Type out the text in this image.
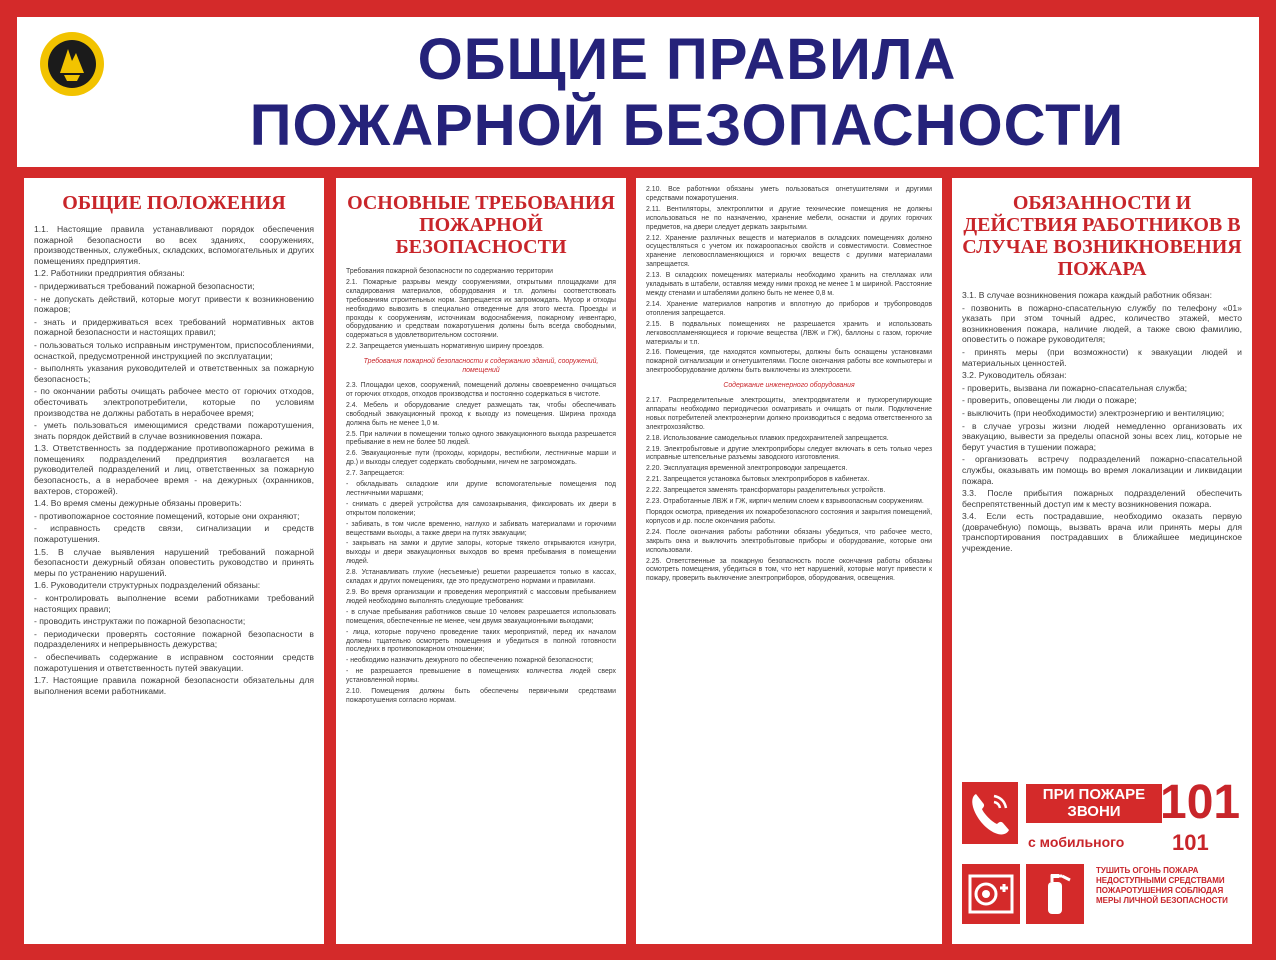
ОБЩИЕ ПРАВИЛА
ПОЖАРНОЙ БЕЗОПАСНОСТИ
ОБЩИЕ ПОЛОЖЕНИЯ

1.1. Настоящие правила устанавливают порядок обеспечения пожарной безопасности во всех зданиях, сооружениях, производственных, служебных, складских, вспомогательных и других помещениях предприятия.

1.2. Работники предприятия обязаны:

- придерживаться требований пожарной безопасности;

- не допускать действий, которые могут привести к возникновению пожаров;

- знать и придерживаться всех требований нормативных актов пожарной безопасности и настоящих правил;

- пользоваться только исправным инструментом, приспособлениями, оснасткой, предусмотренной инструкцией по эксплуатации;

- выполнять указания руководителей и ответственных за пожарную безопасность;

- по окончании работы очищать рабочее место от горючих отходов, обесточивать электропотребители, которые по условиям производства не должны работать в нерабочее время;

- уметь пользоваться имеющимися средствами пожаротушения, знать порядок действий в случае возникновения пожара.

1.3. Ответственность за поддержание противопожарного режима в помещениях подразделений предприятия возлагается на руководителей подразделений и лиц, ответственных за пожарную безопасность, а в нерабочее время - на дежурных (охранников, вахтеров, сторожей).

1.4. Во время смены дежурные обязаны проверить:

- противопожарное состояние помещений, которые они охраняют;

- исправность средств связи, сигнализации и средств пожаротушения.

1.5. В случае выявления нарушений требований пожарной безопасности дежурный обязан оповестить руководство и принять меры по устранению нарушений.

1.6. Руководители структурных подразделений обязаны:

- контролировать выполнение всеми работниками требований настоящих правил;

- проводить инструктажи по пожарной безопасности;

- периодически проверять состояние пожарной безопасности в подразделениях и непрерывность дежурства;

- обеспечивать содержание в исправном состоянии средств пожаротушения и ответственность путей эвакуации.

1.7. Настоящие правила пожарной безопасности обязательны для выполнения всеми работниками.

ОСНОВНЫЕ ТРЕБОВАНИЯ ПОЖАРНОЙ БЕЗОПАСНОСТИ

Требования пожарной безопасности по содержанию территории

2.1. Пожарные разрывы между сооружениями, открытыми площадками для складирования материалов, оборудования и т.п. должны соответствовать требованиям строительных норм. Запрещается их загромождать. Мусор и отходы необходимо вывозить в специально отведенные для этого места. Проезды и проходы к сооружениям, источникам водоснабжения, пожарному инвентарю, оборудованию и средствам пожаротушения должны быть всегда свободными, содержаться в удовлетворительном состоянии.

2.2. Запрещается уменьшать нормативную ширину проездов.

Требования пожарной безопасности к содержанию зданий, сооружений, помещений

2.3. Площадки цехов, сооружений, помещений должны своевременно очищаться от горючих отходов, отходов производства и постоянно содержаться в чистоте.

2.4. Мебель и оборудование следует размещать так, чтобы обеспечивать свободный эвакуационный проход к выходу из помещения. Ширина прохода должна быть не менее 1,0 м.

2.5. При наличии в помещении только одного эвакуационного выхода разрешается пребывание в нем не более 50 людей.

2.6. Эвакуационные пути (проходы, коридоры, вестибюли, лестничные марши и др.) и выходы следует содержать свободными, ничем не загромождать.

2.7. Запрещается:

- обкладывать складские или другие вспомогательные помещения под лестничными маршами;

- снимать с дверей устройства для самозакрывания, фиксировать их двери в открытом положении;

- забивать, в том числе временно, наглухо и забивать материалами и горючими веществами выходы, а также двери на путях эвакуации;

- закрывать на замки и другие запоры, которые тяжело открываются изнутри, выходы и двери эвакуационных выходов во время пребывания в помещении людей.

2.8. Устанавливать глухие (несъемные) решетки разрешается только в кассах, складах и других помещениях, где это предусмотрено нормами и правилами.

2.9. Во время организации и проведения мероприятий с массовым пребыванием людей необходимо выполнять следующие требования:

- в случае пребывания работников свыше 10 человек разрешается использовать помещения, обеспеченные не менее, чем двумя эвакуационными выходами;

- лица, которые поручено проведение таких мероприятий, перед их началом должны тщательно осмотреть помещения и убедиться в полной готовности последних в противопожарном отношении;

- необходимо назначить дежурного по обеспечению пожарной безопасности;

- не разрешается превышение в помещениях количества людей сверх установленной нормы.

2.10. Помещения должны быть обеспечены первичными средствами пожаротушения согласно нормам.

2.10. Все работники обязаны уметь пользоваться огнетушителями и другими средствами пожаротушения.

2.11. Вентиляторы, электроплитки и другие технические помещения не должны использоваться не по назначению, хранение мебели, оснастки и других горючих предметов, на двери следует держать закрытыми.

2.12. Хранение различных веществ и материалов в складских помещениях должно осуществляться с учетом их пожароопасных свойств и совместимости. Совместное хранение легковоспламеняющихся и горючих веществ с другими материалами запрещается.

2.13. В складских помещениях материалы необходимо хранить на стеллажах или укладывать в штабели, оставляя между ними проход не менее 1 м шириной. Расстояние между стенами и штабелями должно быть не менее 0,8 м.

2.14. Хранение материалов напротив и вплотную до приборов и трубопроводов отопления запрещается.

2.15. В подвальных помещениях не разрешается хранить и использовать легковоспламеняющиеся и горючие вещества (ЛВЖ и ГЖ), баллоны с газом, горючие материалы и т.п.

2.16. Помещения, где находятся компьютеры, должны быть оснащены установками пожарной сигнализации и огнетушителями. После окончания работы все компьютеры и электрооборудование должны быть выключены из электросети.

Содержание инженерного оборудования

2.17. Распределительные электрощиты, электродвигатели и пускорегулирующие аппараты необходимо периодически осматривать и очищать от пыли. Подключение новых потребителей электроэнергии должно производиться с ведома ответственного за электрохозяйство.

2.18. Использование самодельных плавких предохранителей запрещается.

2.19. Электробытовые и другие электроприборы следует включать в сеть только через исправные штепсельные разъемы заводского изготовления.

2.20. Эксплуатация временной электропроводки запрещается.

2.21. Запрещается установка бытовых электроприборов в кабинетах.

2.22. Запрещается заменять трансформаторы разделительных устройств.

2.23. Отработанные ЛВЖ и ГЖ, кирпич мелким слоем к взрывоопасным сооружениям.

Порядок осмотра, приведения их пожаробезопасного состояния и закрытия помещений, корпусов и др. после окончания работы.

2.24. После окончания работы работники обязаны убедиться, что рабочее место, закрыть окна и выключить электробытовые приборы и оборудование, которые они использовали.

2.25. Ответственные за пожарную безопасность после окончания работы обязаны осмотреть помещения, убедиться в том, что нет нарушений, которые могут привести к пожару, проверить выключение электроприборов, оборудования, освещения.

ОБЯЗАННОСТИ И ДЕЙСТВИЯ РАБОТНИКОВ В СЛУЧАЕ ВОЗНИКНОВЕНИЯ ПОЖАРА

3.1. В случае возникновения пожара каждый работник обязан:

- позвонить в пожарно-спасательную службу по телефону «01» указать при этом точный адрес, количество этажей, место возникновения пожара, наличие людей, а также свою фамилию, оповестить о пожаре руководителя;

- принять меры (при возможности) к эвакуации людей и материальных ценностей.

3.2. Руководитель обязан:

- проверить, вызвана ли пожарно-спасательная служба;

- проверить, оповещены ли люди о пожаре;

- выключить (при необходимости) электроэнергию и вентиляцию;

- в случае угрозы жизни людей немедленно организовать их эвакуацию, вывести за пределы опасной зоны всех лиц, которые не берут участия в тушении пожара;

- организовать встречу подразделений пожарно-спасательной службы, оказывать им помощь во время локализации и ликвидации пожара.

3.3. После прибытия пожарных подразделений обеспечить беспрепятственный доступ им к месту возникновения пожара.

3.4. Если есть пострадавшие, необходимо оказать первую (доврачебную) помощь, вызвать врача или принять меры для транспортирования пострадавших в ближайшее медицинское учреждение.

ПРИ ПОЖАРЕ ЗВОНИ 101
с мобильного 101
ТУШИТЬ ОГОНЬ ПОЖАРА НЕДОСТУПНЫМИ СРЕДСТВАМИ ПОЖАРОТУШЕНИЯ СОБЛЮДАЯ МЕРЫ ЛИЧНОЙ БЕЗОПАСНОСТИ
